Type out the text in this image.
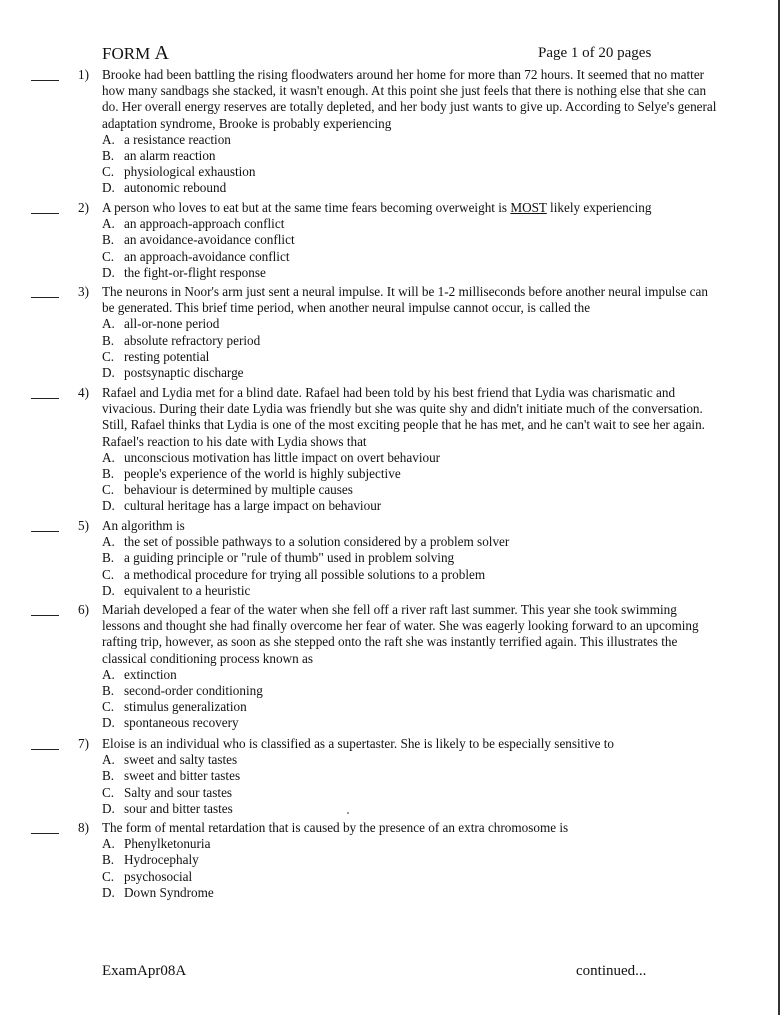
FORM A	Page 1 of 20 pages
1) Brooke had been battling the rising floodwaters around her home for more than 72 hours. It seemed that no matter how many sandbags she stacked, it wasn't enough. At this point she just feels that there is nothing else that she can do. Her overall energy reserves are totally depleted, and her body just wants to give up. According to Selye's general adaptation syndrome, Brooke is probably experiencing
A. a resistance reaction
B. an alarm reaction
C. physiological exhaustion
D. autonomic rebound
2) A person who loves to eat but at the same time fears becoming overweight is MOST likely experiencing
A. an approach-approach conflict
B. an avoidance-avoidance conflict
C. an approach-avoidance conflict
D. the fight-or-flight response
3) The neurons in Noor's arm just sent a neural impulse. It will be 1-2 milliseconds before another neural impulse can be generated. This brief time period, when another neural impulse cannot occur, is called the
A. all-or-none period
B. absolute refractory period
C. resting potential
D. postsynaptic discharge
4) Rafael and Lydia met for a blind date. Rafael had been told by his best friend that Lydia was charismatic and vivacious. During their date Lydia was friendly but she was quite shy and didn't initiate much of the conversation. Still, Rafael thinks that Lydia is one of the most exciting people that he has met, and he can't wait to see her again. Rafael's reaction to his date with Lydia shows that
A. unconscious motivation has little impact on overt behaviour
B. people's experience of the world is highly subjective
C. behaviour is determined by multiple causes
D. cultural heritage has a large impact on behaviour
5) An algorithm is
A. the set of possible pathways to a solution considered by a problem solver
B. a guiding principle or "rule of thumb" used in problem solving
C. a methodical procedure for trying all possible solutions to a problem
D. equivalent to a heuristic
6) Mariah developed a fear of the water when she fell off a river raft last summer. This year she took swimming lessons and thought she had finally overcome her fear of water. She was eagerly looking forward to an upcoming rafting trip, however, as soon as she stepped onto the raft she was instantly terrified again. This illustrates the classical conditioning process known as
A. extinction
B. second-order conditioning
C. stimulus generalization
D. spontaneous recovery
7) Eloise is an individual who is classified as a supertaster. She is likely to be especially sensitive to
A. sweet and salty tastes
B. sweet and bitter tastes
C. Salty and sour tastes
D. sour and bitter tastes
8) The form of mental retardation that is caused by the presence of an extra chromosome is
A. Phenylketonuria
B. Hydrocephaly
C. psychosocial
D. Down Syndrome
ExamApr08A	continued...
